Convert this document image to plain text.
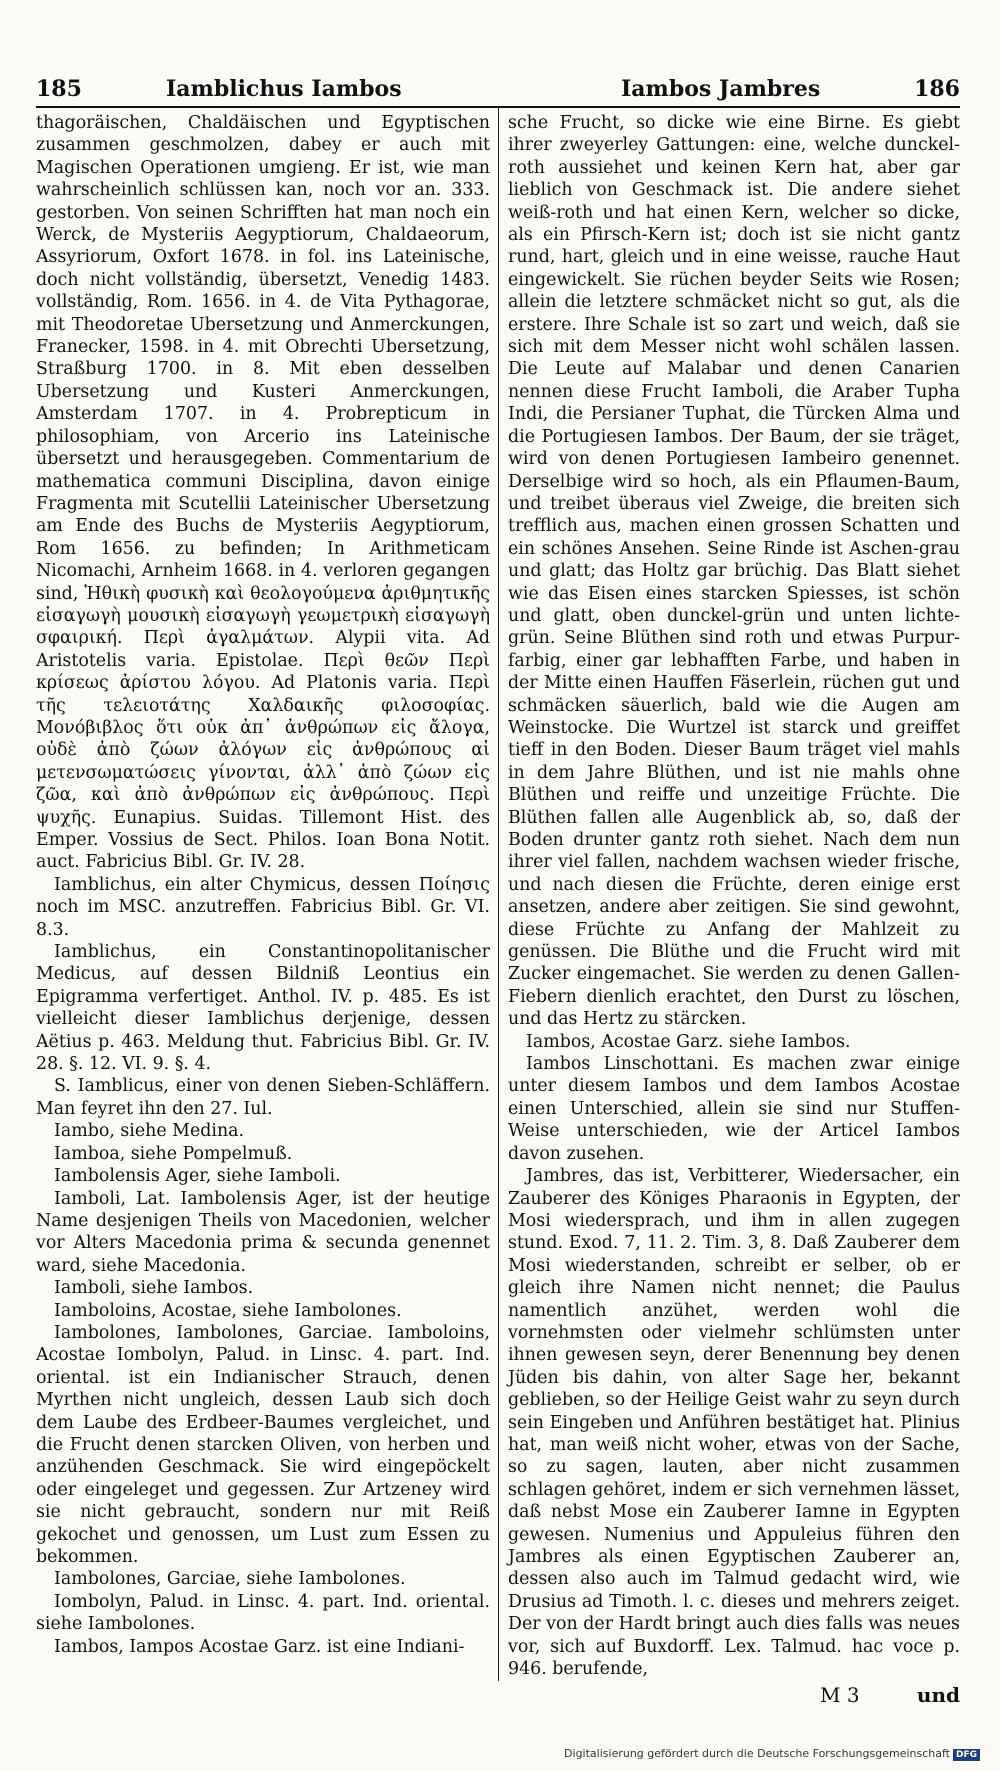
185	Iamblichus Iambos	Iambos Jambres	186

thagoräischen, Chaldäischen und Egyptischen zusammen geschmolzen, dabey er auch mit Magischen Operationen umgieng. Er ist, wie man wahrscheinlich schlüssen kan, noch vor an. 333. gestorben. Von seinen Schrifften hat man noch ein Werck, de Mysteriis Aegyptiorum, Chaldaeorum, Assyriorum, Oxfort 1678. in fol. ins Lateinische, doch nicht vollständig, übersetzt, Venedig 1483. vollständig, Rom. 1656. in 4. de Vita Pythagorae, mit Theodoretae Ubersetzung und Anmerckungen, Franecker, 1598. in 4. mit Obrechti Ubersetzung, Straßburg 1700. in 8. Mit eben desselben Ubersetzung und Kusteri Anmerckungen, Amsterdam 1707. in 4. Probrepticum in philosophiam, von Arcerio ins Lateinische übersetzt und herausgegeben. Commentarium de mathematica communi Disciplina, davon einige Fragmenta mit Scutellii Lateinischer Ubersetzung am Ende des Buchs de Mysteriis Aegyptiorum, Rom 1656. zu befinden; In Arithmeticam Nicomachi, Arnheim 1668. in 4. verloren gegangen sind, Ἠθικὴ φυσικὴ καὶ θεολογούμενα ἀριθμητικῆς εἰσαγωγὴ μουσικὴ εἰσαγωγὴ γεωμετρικὴ εἰσαγωγὴ σφαιρική. Περὶ ἀγαλμάτων. Alypii vita. Ad Aristotelis varia. Epistolae. Περὶ θεῶν Περὶ κρίσεως ἀρίστου λόγου. Ad Platonis varia. Περὶ τῆς τελειοτάτης Χαλδαικῆς φιλοσοφίας. Μονόβιβλος ὅτι οὐκ ἀπ᾽ ἀνθρώπων εἰς ἄλογα, οὐδὲ ἀπὸ ζώων ἀλόγων εἰς ἀνθρώπους αἱ μετενσωματώσεις γίνονται, ἀλλ᾽ ἀπὸ ζώων εἰς ζῶα, καὶ ἀπὸ ἀνθρώπων εἰς ἀνθρώπους. Περὶ ψυχῆς. Eunapius. Suidas. Tillemont Hist. des Emper. Vossius de Sect. Philos. Ioan Bona Notit. auct. Fabricius Bibl. Gr. IV. 28.

Iamblichus, ein alter Chymicus, dessen Ποίησις noch im MSC. anzutreffen. Fabricius Bibl. Gr. VI. 8.3.

Iamblichus, ein Constantinopolitanischer Medicus, auf dessen Bildniß Leontius ein Epigramma verfertiget. Anthol. IV. p. 485. Es ist vielleicht dieser Iamblichus derjenige, dessen Aëtius p. 463. Meldung thut. Fabricius Bibl. Gr. IV. 28. §. 12. VI. 9. §. 4.

S. Iamblicus, einer von denen Sieben-Schläffern. Man feyret ihn den 27. Iul.

Iambo, siehe Medina.

Iamboa, siehe Pompelmuß.

Iambolensis Ager, siehe Iamboli.

Iamboli, Lat. Iambolensis Ager, ist der heutige Name desjenigen Theils von Macedonien, welcher vor Alters Macedonia prima & secunda genennet ward, siehe Macedonia.

Iamboli, siehe Iambos.

Iamboloins, Acostae, siehe Iambolones.

Iambolones, Iambolones, Garciae. Iamboloins, Acostae Iombolyn, Palud. in Linsc. 4. part. Ind. oriental. ist ein Indianischer Strauch, denen Myrthen nicht ungleich, dessen Laub sich doch dem Laube des Erdbeer-Baumes vergleichet, und die Frucht denen starcken Oliven, von herben und anzühenden Geschmack. Sie wird eingepöckelt oder eingeleget und gegessen. Zur Artzeney wird sie nicht gebraucht, sondern nur mit Reiß gekochet und genossen, um Lust zum Essen zu bekommen.

Iambolones, Garciae, siehe Iambolones.

Iombolyn, Palud. in Linsc. 4. part. Ind. oriental. siehe Iambolones.

Iambos, Iampos Acostae Garz. ist eine Indiani-

sche Frucht, so dicke wie eine Birne. Es giebt ihrer zweyerley Gattungen: eine, welche dunckel-roth aussiehet und keinen Kern hat, aber gar lieblich von Geschmack ist. Die andere siehet weiß-roth und hat einen Kern, welcher so dicke, als ein Pfirsch-Kern ist; doch ist sie nicht gantz rund, hart, gleich und in eine weisse, rauche Haut eingewickelt. Sie rüchen beyder Seits wie Rosen; allein die letztere schmäcket nicht so gut, als die erstere. Ihre Schale ist so zart und weich, daß sie sich mit dem Messer nicht wohl schälen lassen. Die Leute auf Malabar und denen Canarien nennen diese Frucht Iamboli, die Araber Tupha Indi, die Persianer Tuphat, die Türcken Alma und die Portugiesen Iambos. Der Baum, der sie träget, wird von denen Portugiesen Iambeiro genennet. Derselbige wird so hoch, als ein Pflaumen-Baum, und treibet überaus viel Zweige, die breiten sich trefflich aus, machen einen grossen Schatten und ein schönes Ansehen. Seine Rinde ist Aschen-grau und glatt; das Holtz gar brüchig. Das Blatt siehet wie das Eisen eines starcken Spiesses, ist schön und glatt, oben dunckel-grün und unten lichte-grün. Seine Blüthen sind roth und etwas Purpur-farbig, einer gar lebhafften Farbe, und haben in der Mitte einen Hauffen Fäserlein, rüchen gut und schmäcken säuerlich, bald wie die Augen am Weinstocke. Die Wurtzel ist starck und greiffet tieff in den Boden. Dieser Baum träget viel mahls in dem Jahre Blüthen, und ist nie mahls ohne Blüthen und reiffe und unzeitige Früchte. Die Blüthen fallen alle Augenblick ab, so, daß der Boden drunter gantz roth siehet. Nach dem nun ihrer viel fallen, nachdem wachsen wieder frische, und nach diesen die Früchte, deren einige erst ansetzen, andere aber zeitigen. Sie sind gewohnt, diese Früchte zu Anfang der Mahlzeit zu genüssen. Die Blüthe und die Frucht wird mit Zucker eingemachet. Sie werden zu denen Gallen-Fiebern dienlich erachtet, den Durst zu löschen, und das Hertz zu stärcken.

Iambos, Acostae Garz. siehe Iambos.

Iambos Linschottani. Es machen zwar einige unter diesem Iambos und dem Iambos Acostae einen Unterschied, allein sie sind nur Stuffen-Weise unterschieden, wie der Articel Iambos davon zusehen.

Jambres, das ist, Verbitterer, Wiedersacher, ein Zauberer des Königes Pharaonis in Egypten, der Mosi wiedersprach, und ihm in allen zugegen stund. Exod. 7, 11. 2. Tim. 3, 8. Daß Zauberer dem Mosi wiederstanden, schreibt er selber, ob er gleich ihre Namen nicht nennet; die Paulus namentlich anzühet, werden wohl die vornehmsten oder vielmehr schlümsten unter ihnen gewesen seyn, derer Benennung bey denen Jüden bis dahin, von alter Sage her, bekannt geblieben, so der Heilige Geist wahr zu seyn durch sein Eingeben und Anführen bestätiget hat. Plinius hat, man weiß nicht woher, etwas von der Sache, so zu sagen, lauten, aber nicht zusammen schlagen gehöret, indem er sich vernehmen lässet, daß nebst Mose ein Zauberer Iamne in Egypten gewesen. Numenius und Appuleius führen den Jambres als einen Egyptischen Zauberer an, dessen also auch im Talmud gedacht wird, wie Drusius ad Timoth. l. c. dieses und mehrers zeiget. Der von der Hardt bringt auch dies falls was neues vor, sich auf Buxdorff. Lex. Talmud. hac voce p. 946. berufende,

M 3	und
Digitalisierung gefördert durch die Deutsche Forschungsgemeinschaft DFG
